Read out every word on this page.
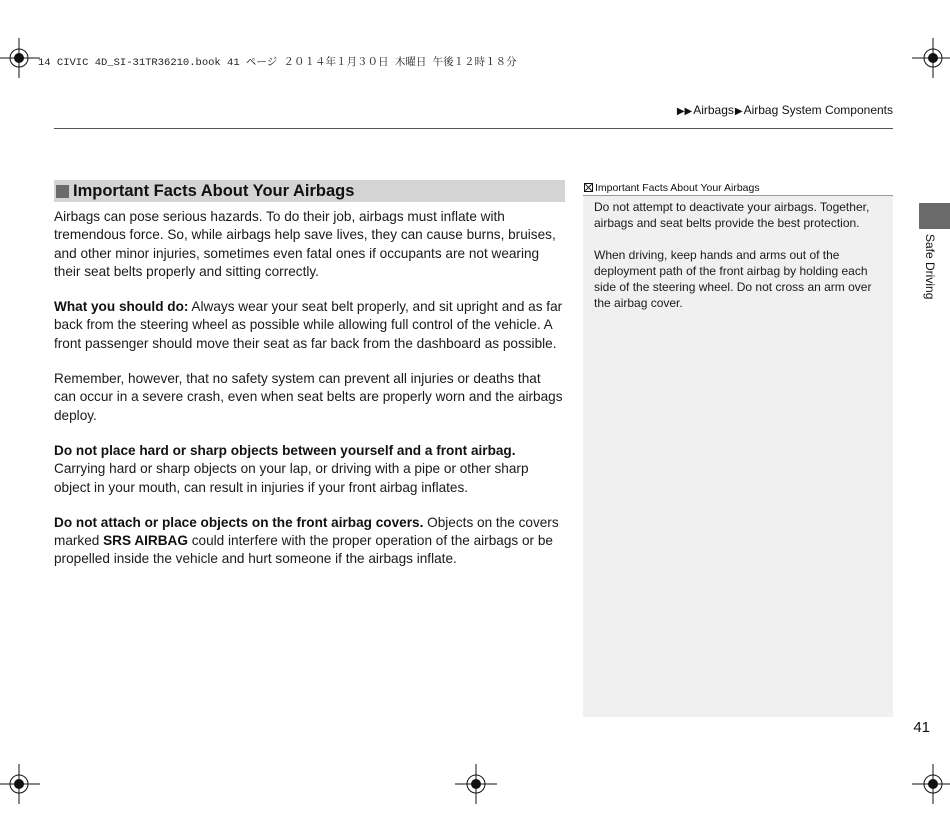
14 CIVIC 4D_SI-31TR36210.book 41 ページ ２０１４年１月３０日 木曜日 午後１２時１８分
▶▶Airbags▶Airbag System Components
Important Facts About Your Airbags

Airbags can pose serious hazards. To do their job, airbags must inflate with tremendous force. So, while airbags help save lives, they can cause burns, bruises, and other minor injuries, sometimes even fatal ones if occupants are not wearing their seat belts properly and sitting correctly.

What you should do: Always wear your seat belt properly, and sit upright and as far back from the steering wheel as possible while allowing full control of the vehicle. A front passenger should move their seat as far back from the dashboard as possible.

Remember, however, that no safety system can prevent all injuries or deaths that can occur in a severe crash, even when seat belts are properly worn and the airbags deploy.

Do not place hard or sharp objects between yourself and a front airbag.
Carrying hard or sharp objects on your lap, or driving with a pipe or other sharp object in your mouth, can result in injuries if your front airbag inflates.

Do not attach or place objects on the front airbag covers. Objects on the covers marked SRS AIRBAG could interfere with the proper operation of the airbags or be propelled inside the vehicle and hurt someone if the airbags inflate.

Important Facts About Your Airbags

Do not attempt to deactivate your airbags. Together, airbags and seat belts provide the best protection.

When driving, keep hands and arms out of the deployment path of the front airbag by holding each side of the steering wheel. Do not cross an arm over the airbag cover.

Safe Driving
41
